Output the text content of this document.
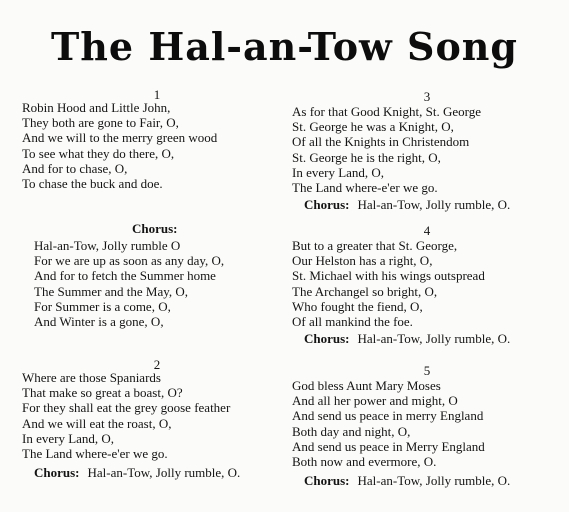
The Hal-an-Tow Song
1
Robin Hood and Little John,
They both are gone to Fair, O,
And we will to the merry green wood
To see what they do there, O,
And for to chase, O,
To chase the buck and doe.
Chorus:
Hal-an-Tow, Jolly rumble O
For we are up as soon as any day, O,
And for to fetch the Summer home
The Summer and the May, O,
For Summer is a come, O,
And Winter is a gone, O,
2
Where are those Spaniards
That make so great a boast, O?
For they shall eat the grey goose feather
And we will eat the roast, O,
In every Land, O,
The Land where-e'er we go.
Chorus: Hal-an-Tow, Jolly rumble, O.
3
As for that Good Knight, St. George
St. George he was a Knight, O,
Of all the Knights in Christendom
St. George he is the right, O,
In every Land, O,
The Land where-e'er we go.
Chorus: Hal-an-Tow, Jolly rumble, O.
4
But to a greater that St. George,
Our Helston has a right, O,
St. Michael with his wings outspread
The Archangel so bright, O,
Who fought the fiend, O,
Of all mankind the foe.
Chorus: Hal-an-Tow, Jolly rumble, O.
5
God bless Aunt Mary Moses
And all her power and might, O
And send us peace in merry England
Both day and night, O,
And send us peace in Merry England
Both now and evermore, O.
Chorus: Hal-an-Tow, Jolly rumble, O.
